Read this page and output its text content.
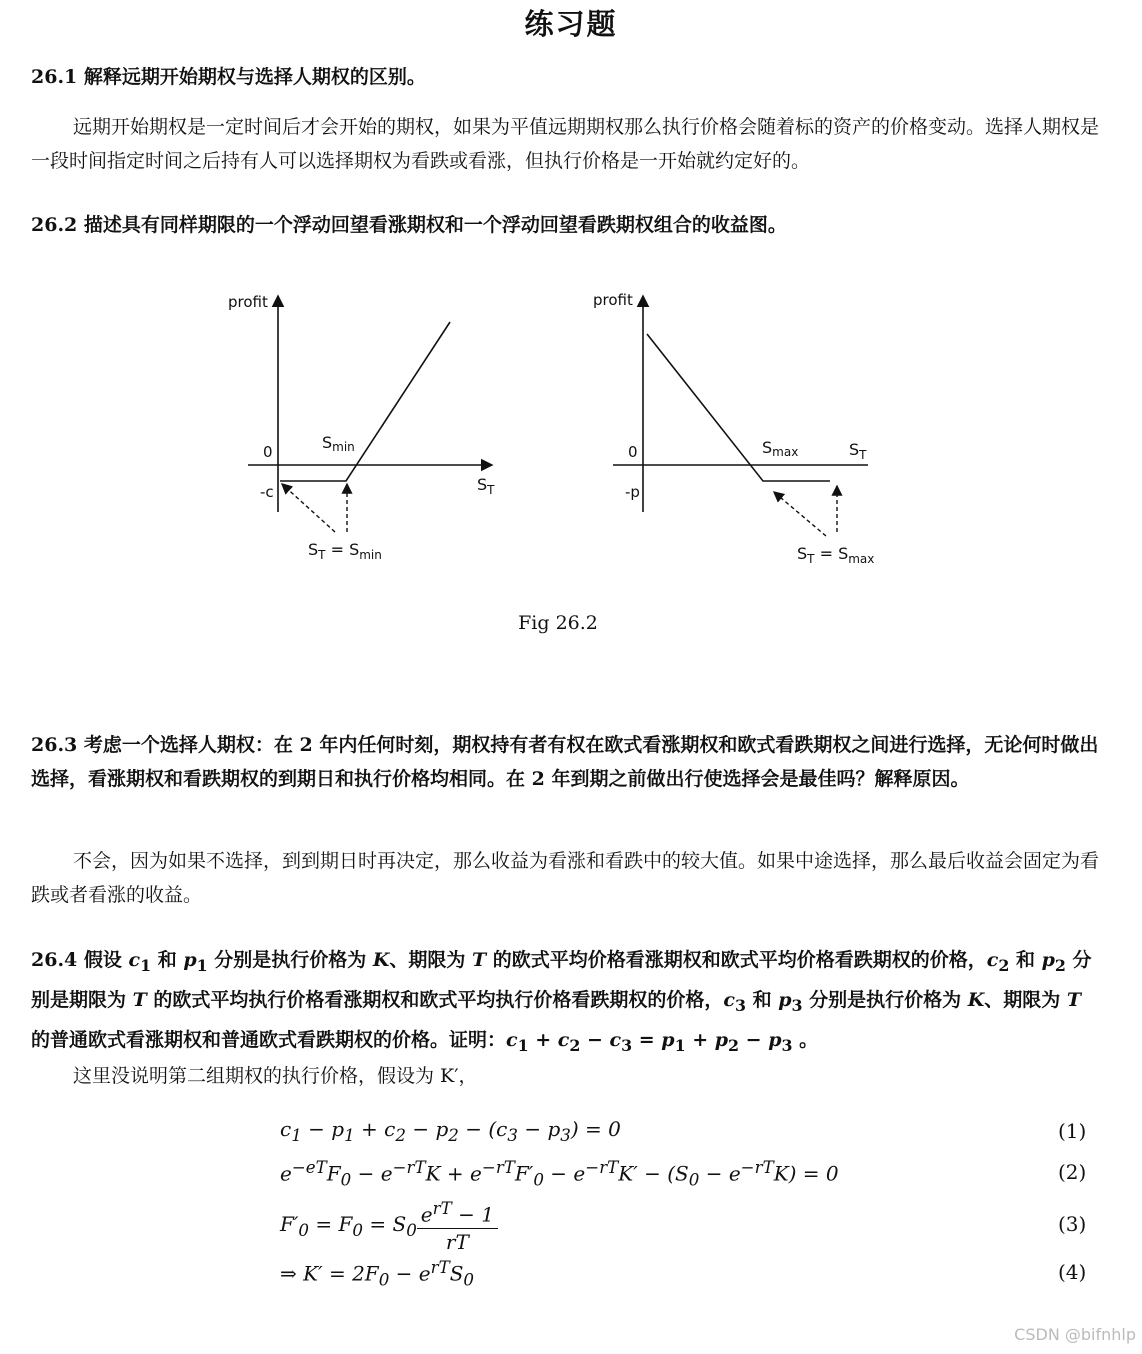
练习题
26.1 解释远期开始期权与选择人期权的区别。
远期开始期权是一定时间后才会开始的期权，如果为平值远期期权那么执行价格会随着标的资产的价格变动。选择人期权是一段时间指定时间之后持有人可以选择期权为看跌或看涨，但执行价格是一开始就约定好的。
26.2 描述具有同样期限的一个浮动回望看涨期权和一个浮动回望看跌期权组合的收益图。
profit
0
-c
Smin
$S_T$
$S_T = S_{min}$
profit
0
-p
Smax	$S_T$
$S_T = S_{max}$
Fig 26.2
26.3 考虑一个选择人期权：在 2 年内任何时刻，期权持有者有权在欧式看涨期权和欧式看跌期权之间进行选择，无论何时做出选择，看涨期权和看跌期权的到期日和执行价格均相同。在 2 年到期之前做出行使选择会是最佳吗？解释原因。
不会，因为如果不选择，到到期日时再决定，那么收益为看涨和看跌中的较大值。如果中途选择，那么最后收益会固定为看跌或者看涨的收益。
26.4 假设 $c_1$ 和 $p_1$ 分别是执行价格为 K、期限为 T 的欧式平均价格看涨期权和欧式平均价格看跌期权的价格，$c_2$ 和 $p_2$ 分别是期限为 T 的欧式平均执行价格看涨期权和欧式平均执行价格看跌期权的价格，$c_3$ 和 $p_3$ 分别是执行价格为 K、期限为 T 的普通欧式看涨期权和普通欧式看跌期权的价格。证明：$c_1 + c_2 - c_3 = p_1 + p_2 - p_3$ 。
这里没说明第二组期权的执行价格，假设为 K′，
$c_1 - p_1 + c_2 - p_2 - (c_3 - p_3) = 0$	(1)
$e^{-eT}F_0 - e^{-rT}K + e^{-rT}F'_0 - e^{-rT}K' - (S_0 - e^{-rT}K) = 0$	(2)
$F'_0 = F_0 = S_0 \frac{e^{rT} - 1}{rT}$	(3)
⇒ $K' = 2F_0 - e^{rT}S_0$	(4)
CSDN @bifnhlp
